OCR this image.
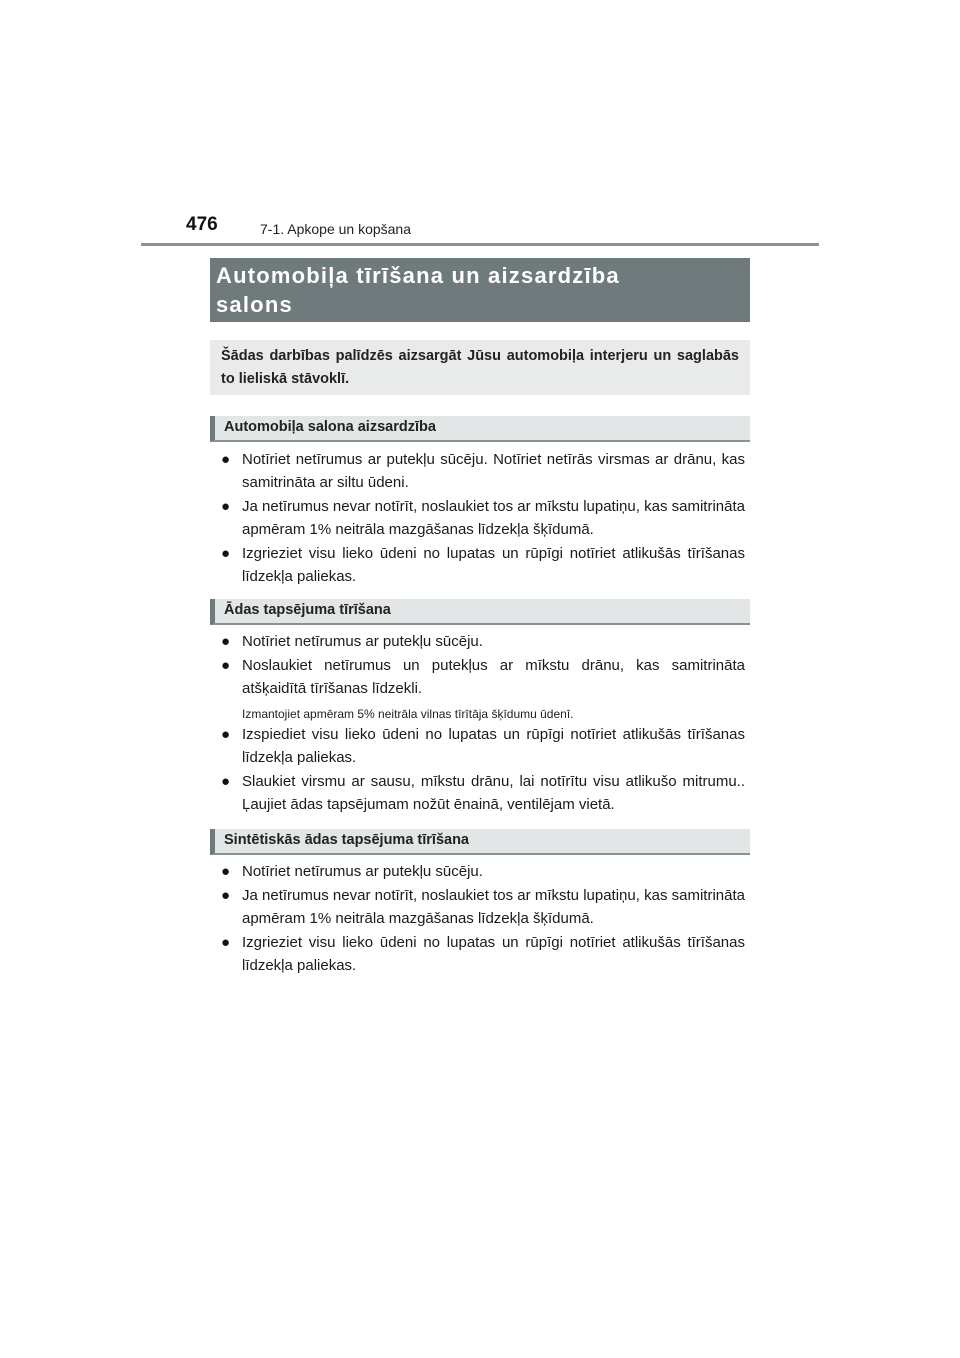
476	7-1. Apkope un kopšana
Automobiļa tīrīšana un aizsardzība
salons
Šādas darbības palīdzēs aizsargāt Jūsu automobiļa interjeru un saglabās to lieliskā stāvoklī.
Automobiļa salona aizsardzība
● Notīriet netīrumus ar putekļu sūcēju. Notīriet netīrās virsmas ar drānu, kas samitrināta ar siltu ūdeni.
● Ja netīrumus nevar notīrīt, noslaukiet tos ar mīkstu lupatiņu, kas samitrināta apmēram 1% neitrāla mazgāšanas līdzekļa šķīdumā.
● Izgrieziet visu lieko ūdeni no lupatas un rūpīgi notīriet atlikušās tīrīšanas līdzekļa paliekas.
Ādas tapsējuma tīrīšana
● Notīriet netīrumus ar putekļu sūcēju.
● Noslaukiet netīrumus un putekļus ar mīkstu drānu, kas samitrināta atšķaidītā tīrīšanas līdzekli.
Izmantojiet apmēram 5% neitrāla vilnas tīrītāja šķīdumu ūdenī.
● Izspiediet visu lieko ūdeni no lupatas un rūpīgi notīriet atlikušās tīrīšanas līdzekļa paliekas.
● Slaukiet virsmu ar sausu, mīkstu drānu, lai notīrītu visu atlikušo mitrumu.. Ļaujiet ādas tapsējumam nožūt ēnainā, ventilējam vietā.
Sintētiskās ādas tapsējuma tīrīšana
● Notīriet netīrumus ar putekļu sūcēju.
● Ja netīrumus nevar notīrīt, noslaukiet tos ar mīkstu lupatiņu, kas samitrināta apmēram 1% neitrāla mazgāšanas līdzekļa šķīdumā.
● Izgrieziet visu lieko ūdeni no lupatas un rūpīgi notīriet atlikušās tīrīšanas līdzekļa paliekas.
